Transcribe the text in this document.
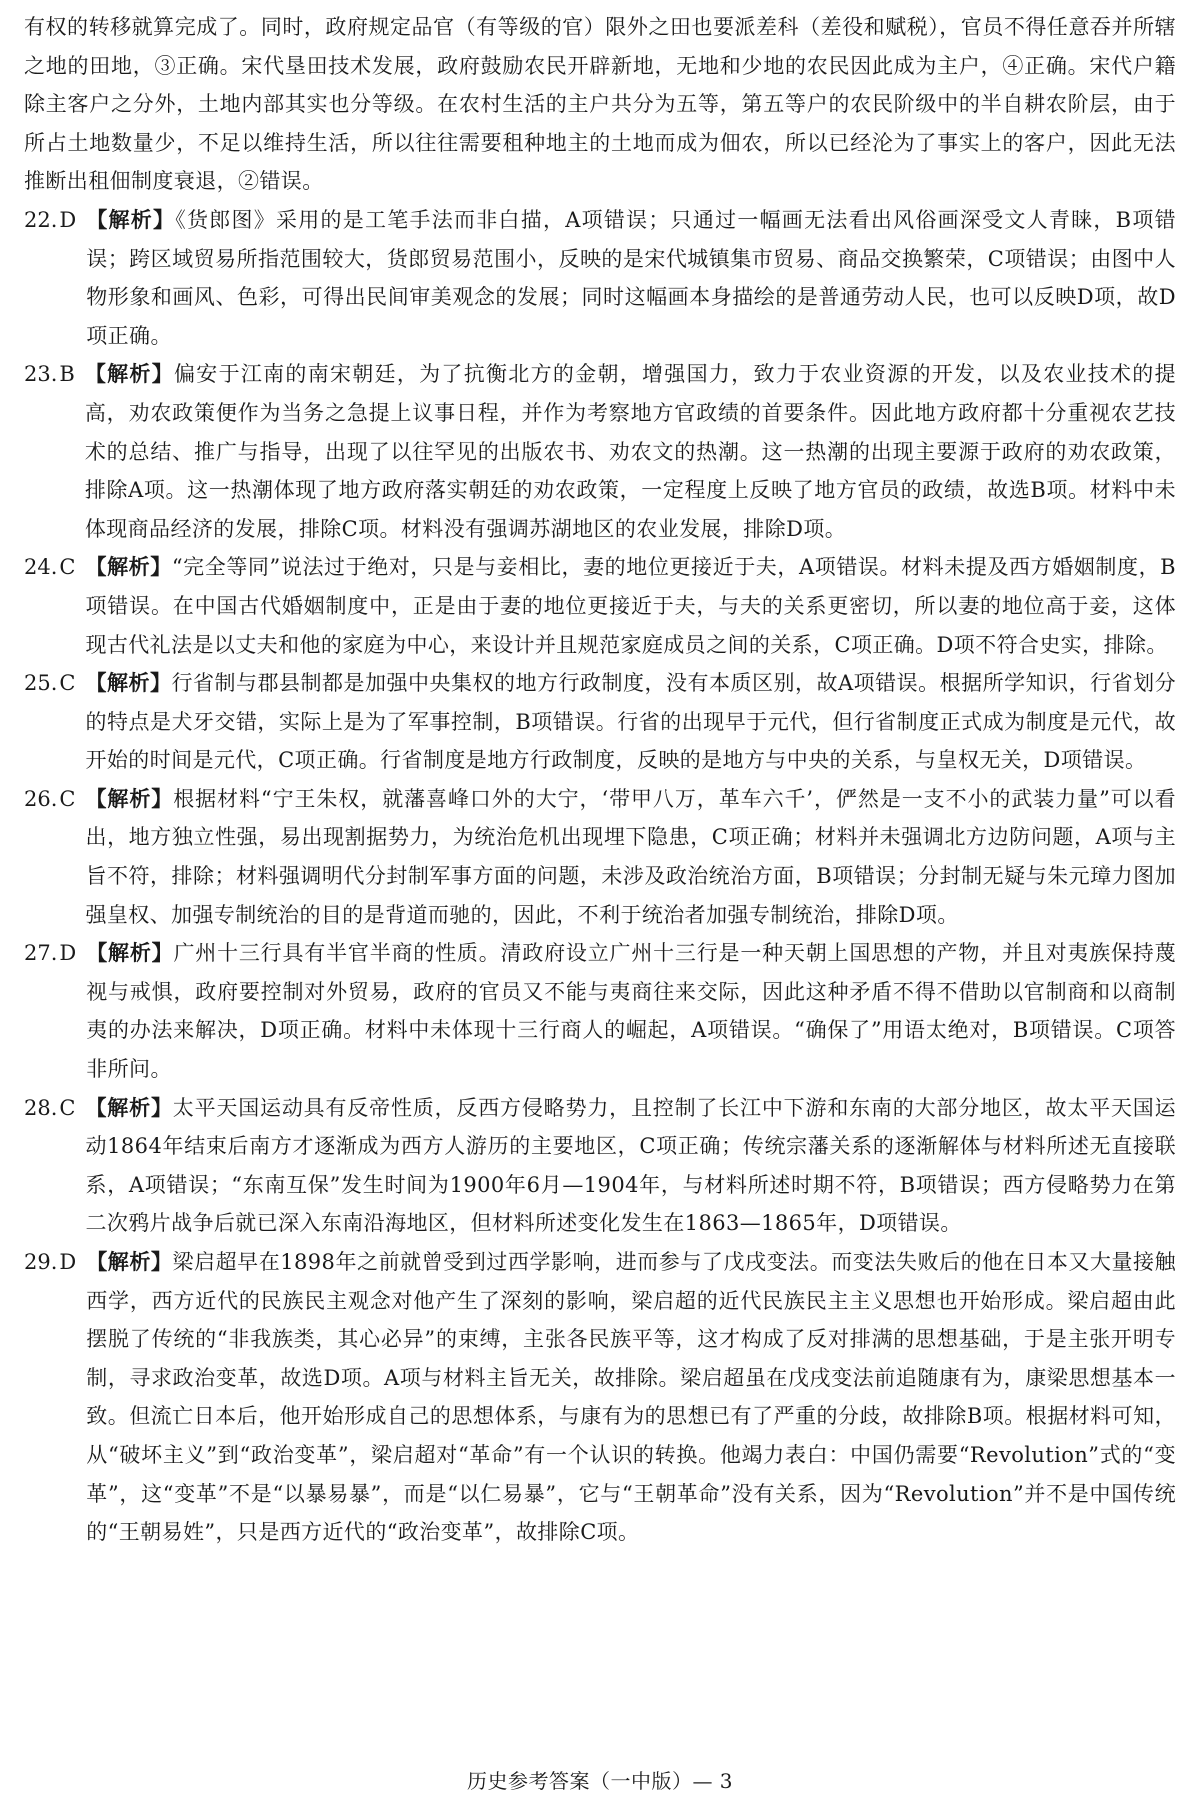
有权的转移就算完成了。同时，政府规定品官（有等级的官）限外之田也要派差科（差役和赋税），官员不得任意吞并所辖之地的田地，③正确。宋代垦田技术发展，政府鼓励农民开辟新地，无地和少地的农民因此成为主户，④正确。宋代户籍除主客户之分外，土地内部其实也分等级。在农村生活的主户共分为五等，第五等户的农民阶级中的半自耕农阶层，由于所占土地数量少，不足以维持生活，所以往往需要租种地主的土地而成为佃农，所以已经沦为了事实上的客户，因此无法推断出租佃制度衰退，②错误。

22.D 【解析】《货郎图》采用的是工笔手法而非白描，A项错误；只通过一幅画无法看出风俗画深受文人青睐，B项错误；跨区域贸易所指范围较大，货郎贸易范围小，反映的是宋代城镇集市贸易、商品交换繁荣，C项错误；由图中人物形象和画风、色彩，可得出民间审美观念的发展；同时这幅画本身描绘的是普通劳动人民，也可以反映D项，故D项正确。
23.B 【解析】偏安于江南的南宋朝廷，为了抗衡北方的金朝，增强国力，致力于农业资源的开发，以及农业技术的提高，劝农政策便作为当务之急提上议事日程，并作为考察地方官政绩的首要条件。因此地方政府都十分重视农艺技术的总结、推广与指导，出现了以往罕见的出版农书、劝农文的热潮。这一热潮的出现主要源于政府的劝农政策，排除A项。这一热潮体现了地方政府落实朝廷的劝农政策，一定程度上反映了地方官员的政绩，故选B项。材料中未体现商品经济的发展，排除C项。材料没有强调苏湖地区的农业发展，排除D项。
24.C 【解析】“完全等同”说法过于绝对，只是与妾相比，妻的地位更接近于夫，A项错误。材料未提及西方婚姻制度，B项错误。在中国古代婚姻制度中，正是由于妻的地位更接近于夫，与夫的关系更密切，所以妻的地位高于妾，这体现古代礼法是以丈夫和他的家庭为中心，来设计并且规范家庭成员之间的关系，C项正确。D项不符合史实，排除。
25.C 【解析】行省制与郡县制都是加强中央集权的地方行政制度，没有本质区别，故A项错误。根据所学知识，行省划分的特点是犬牙交错，实际上是为了军事控制，B项错误。行省的出现早于元代，但行省制度正式成为制度是元代，故开始的时间是元代，C项正确。行省制度是地方行政制度，反映的是地方与中央的关系，与皇权无关，D项错误。
26.C 【解析】根据材料“宁王朱权，就藩喜峰口外的大宁，‘带甲八万，革车六千’，俨然是一支不小的武装力量”可以看出，地方独立性强，易出现割据势力，为统治危机出现埋下隐患，C项正确；材料并未强调北方边防问题，A项与主旨不符，排除；材料强调明代分封制军事方面的问题，未涉及政治统治方面，B项错误；分封制无疑与朱元璋力图加强皇权、加强专制统治的目的是背道而驰的，因此，不利于统治者加强专制统治，排除D项。
27.D 【解析】广州十三行具有半官半商的性质。清政府设立广州十三行是一种天朝上国思想的产物，并且对夷族保持蔑视与戒惧，政府要控制对外贸易，政府的官员又不能与夷商往来交际，因此这种矛盾不得不借助以官制商和以商制夷的办法来解决，D项正确。材料中未体现十三行商人的崛起，A项错误。“确保了”用语太绝对，B项错误。C项答非所问。
28.C 【解析】太平天国运动具有反帝性质，反西方侵略势力，且控制了长江中下游和东南的大部分地区，故太平天国运动1864年结束后南方才逐渐成为西方人游历的主要地区，C项正确；传统宗藩关系的逐渐解体与材料所述无直接联系，A项错误；“东南互保”发生时间为1900年6月—1904年，与材料所述时期不符，B项错误；西方侵略势力在第二次鸦片战争后就已深入东南沿海地区，但材料所述变化发生在1863—1865年，D项错误。
29.D 【解析】梁启超早在1898年之前就曾受到过西学影响，进而参与了戊戌变法。而变法失败后的他在日本又大量接触西学，西方近代的民族民主观念对他产生了深刻的影响，梁启超的近代民族民主主义思想也开始形成。梁启超由此摆脱了传统的“非我族类，其心必异”的束缚，主张各民族平等，这才构成了反对排满的思想基础，于是主张开明专制，寻求政治变革，故选D项。A项与材料主旨无关，故排除。梁启超虽在戊戌变法前追随康有为，康梁思想基本一致。但流亡日本后，他开始形成自己的思想体系，与康有为的思想已有了严重的分歧，故排除B项。根据材料可知，从“破坏主义”到“政治变革”，梁启超对“革命”有一个认识的转换。他竭力表白：中国仍需要“Revolution”式的“变革”，这“变革”不是“以暴易暴”，而是“以仁易暴”，它与“王朝革命”没有关系，因为“Revolution”并不是中国传统的“王朝易姓”，只是西方近代的“政治变革”，故排除C项。
历史参考答案（一中版）— 3
